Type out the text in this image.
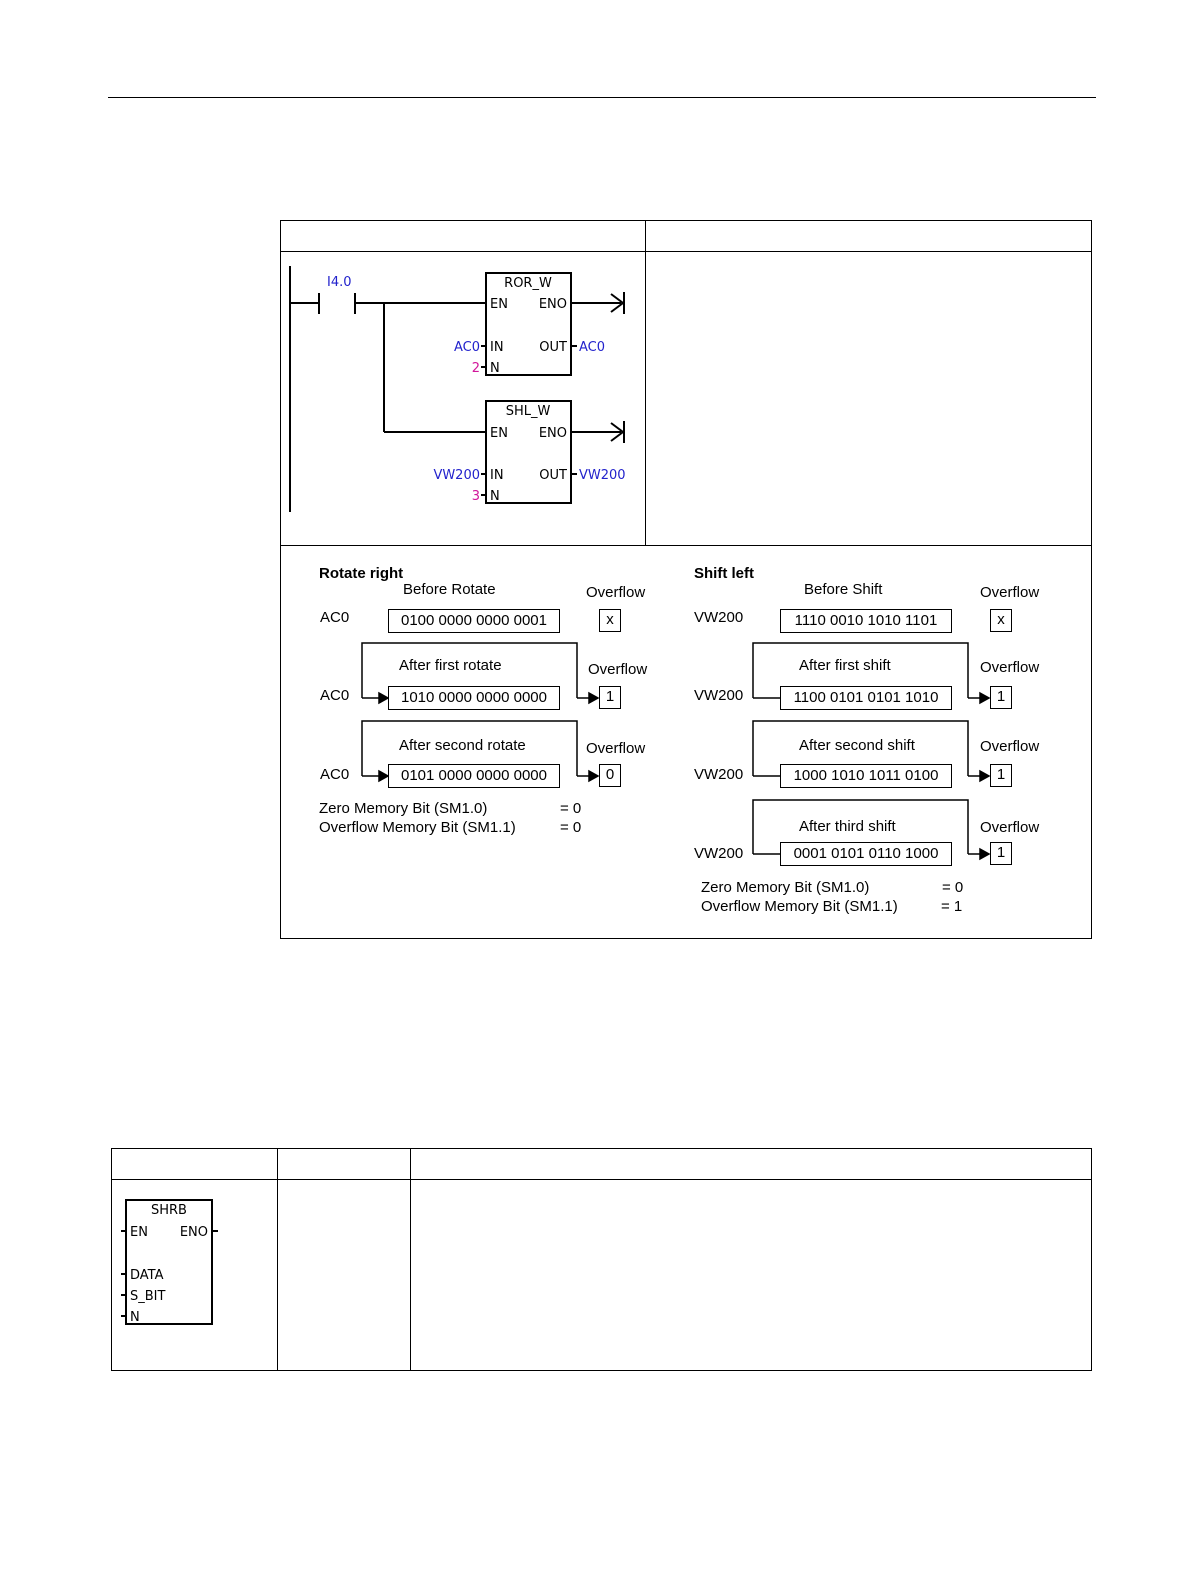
I4.0	ROR_W
EN ENO
IN	OUT
N
AC0	AC0
2
SHL_W
EN ENO
IN	OUT
N
VW200	VW200
3
Rotate right
Before Rotate	Overflow
AC0	0100 0000 0000 0001	x
After first rotate	Overflow
AC0	1010 0000 0000 0000	1
After second rotate	Overflow
AC0	0101 0000 0000 0000	0
Zero Memory Bit (SM1.0)	= 0
Overflow Memory Bit (SM1.1)	= 0
Shift left
Before Shift	Overflow
VW200	1110 0010 1010 1101	x
After first shift	Overflow
VW200	1100 0101 0101 1010	1
After second shift	Overflow
VW200	1000 1010 1011 0100	1
After third shift	Overflow
VW200	0001 0101 0110 1000	1
Zero Memory Bit (SM1.0)	= 0
Overflow Memory Bit (SM1.1)	= 1
SHRB
EN ENO
DATA
S_BIT
N
